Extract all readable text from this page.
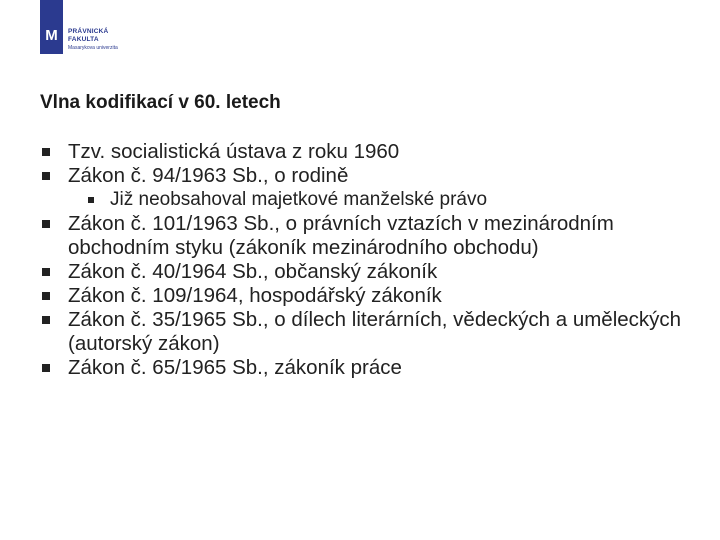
M	PRÁVNICKÁ
FAKULTA
Masarykova univerzita
Vlna kodifikací v 60. letech
Tzv. socialistická ústava z roku 1960
Zákon č. 94/1963 Sb., o rodině
Již neobsahoval majetkové manželské právo
Zákon č. 101/1963 Sb., o právních vztazích v mezinárodním obchodním styku (zákoník mezinárodního obchodu)
Zákon č. 40/1964 Sb., občanský zákoník
Zákon č. 109/1964, hospodářský zákoník
Zákon č. 35/1965 Sb., o dílech literárních, vědeckých a uměleckých (autorský zákon)
Zákon č. 65/1965 Sb., zákoník práce
